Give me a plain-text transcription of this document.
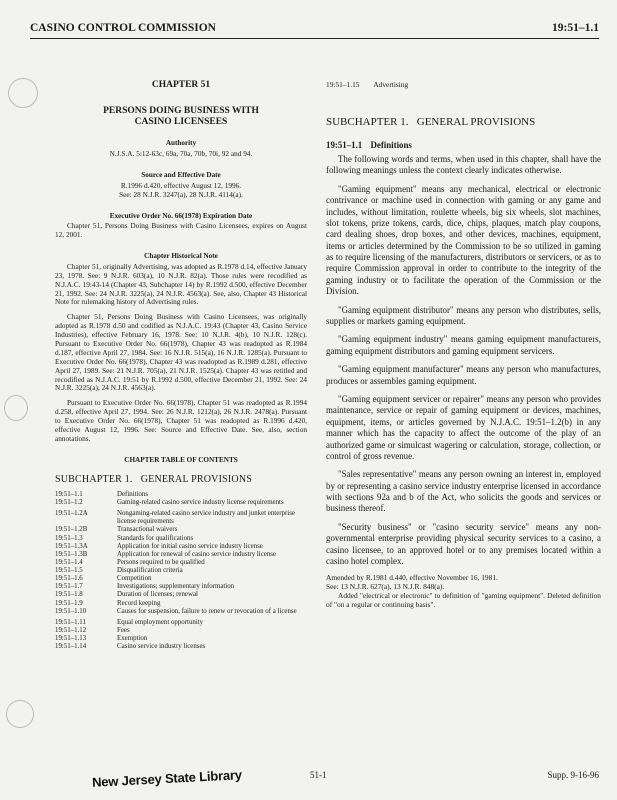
CASINO CONTROL COMMISSION	19:51–1.1
CHAPTER 51
PERSONS DOING BUSINESS WITH
CASINO LICENSEES
Authority
N.J.S.A. 5:12-63c, 69a, 70a, 70b, 70i, 92 and 94.
Source and Effective Date
R.1996 d.420, effective August 12, 1996.
See: 28 N.J.R. 3247(a), 28 N.J.R. 4114(a).
Executive Order No. 66(1978) Expiration Date

Chapter 51, Persons Doing Business with Casino Licensees, expires on August 12, 2001.

Chapter Historical Note

Chapter 51, originally Advertising, was adopted as R.1978 d.14, effective January 23, 1978. See: 9 N.J.R. 603(a), 10 N.J.R. 82(a). Those rules were recodified as N.J.A.C. 19:43-14 (Chapter 43, Subchapter 14) by R.1992 d.500, effective December 21, 1992. See: 24 N.J.R. 3225(a), 24 N.J.R. 4563(a). See, also, Chapter 43 Historical Note for rulemaking history of Advertising rules.

Chapter 51, Persons Doing Business with Casino Licensees, was originally adopted as R.1978 d.50 and codified as N.J.A.C. 19:43 (Chapter 43, Casino Service Industries), effective February 16, 1978. See: 10 N.J.R. 4(b), 10 N.J.R. 128(c). Pursuant to Executive Order No. 66(1978), Chapter 43 was readopted as R.1984 d.187, effective April 27, 1984. See: 16 N.J.R. 515(a), 16 N.J.R. 1285(a). Pursuant to Executive Order No. 66(1978), Chapter 43 was readopted as R.1989 d.281, effective April 27, 1989. See: 21 N.J.R. 705(a), 21 N.J.R. 1525(a). Chapter 43 was retitled and recodified as N.J.A.C. 19:51 by R.1992 d.500, effective December 21, 1992. See: 24 N.J.R. 3225(a), 24 N.J.R. 4563(a).

Pursuant to Executive Order No. 66(1978), Chapter 51 was readopted as R.1994 d.258, effective April 27, 1994. See: 26 N.J.R. 1212(a), 26 N.J.R. 2478(a). Pursuant to Executive Order No. 66(1978), Chapter 51 was readopted as R.1996 d.420, effective August 12, 1996. See: Source and Effective Date. See, also, section annotations.

CHAPTER TABLE OF CONTENTS
SUBCHAPTER 1.   GENERAL PROVISIONS
19:51–1.1	Definitions
19:51–1.2	Gaming-related casino service industry license requirements
19:51–1.2A	Nongaming-related casino service industry and junket enterprise license requirements
19:51–1.2B	Transactional waivers
19:51–1.3	Standards for qualifications
19:51–1.3A	Application for initial casino service industry license
19:51–1.3B	Application for renewal of casino service industry license
19:51–1.4	Persons required to be qualified
19:51–1.5	Disqualification criteria
19:51–1.6	Competition
19:51–1.7	Investigations; supplementary information
19:51–1.8	Duration of licenses; renewal
19:51–1.9	Record keeping
19:51–1.10	Causes for suspension, failure to renew or revocation of a license
19:51–1.11	Equal employment opportunity
19:51–1.12	Fees
19:51–1.13	Exemption
19:51–1.14	Casino service industry licenses
19:51–1.15 Advertising
SUBCHAPTER 1.   GENERAL PROVISIONS
19:51–1.1 Definitions

The following words and terms, when used in this chapter, shall have the following meanings unless the context clearly indicates otherwise.

"Gaming equipment" means any mechanical, electrical or electronic contrivance or machine used in connection with gaming or any game and includes, without limitation, roulette wheels, big six wheels, slot machines, slot tokens, prize tokens, cards, dice, chips, plaques, match play coupons, card dealing shoes, drop boxes, and other devices, machines, equipment, items or articles determined by the Commission to be so utilized in gaming as to require licensing of the manufacturers, distributors or servicers, or as to require Commission approval in order to contribute to the integrity of the gaming industry or to facilitate the operation of the Commission or the Division.

"Gaming equipment distributor" means any person who distributes, sells, supplies or markets gaming equipment.

"Gaming equipment industry" means gaming equipment manufacturers, gaming equipment distributors and gaming equipment servicers.

"Gaming equipment manufacturer" means any person who manufactures, produces or assembles gaming equipment.

"Gaming equipment servicer or repairer" means any person who provides maintenance, service or repair of gaming equipment or devices, machines, equipment, items, or articles governed by N.J.A.C. 19:51–1.2(b) in any manner which has the capacity to affect the outcome of the play of an authorized game or simulcast wagering or calculation, storage, collection, or control of gross revenue.

"Sales representative" means any person owning an interest in, employed by or representing a casino service industry enterprise licensed in accordance with sections 92a and b of the Act, who solicits the goods and services or business thereof.

"Security business" or "casino security service" means any non-governmental enterprise providing physical security services to a casino, a casino licensee, to an approved hotel or to any premises located within a casino hotel complex.

Amended by R.1981 d.440, effective November 16, 1981.
See: 13 N.J.R. 627(a), 13 N.J.R. 848(a).
Added "electrical or electronic" to definition of "gaming equipment". Deleted definition of "on a regular or continuing basis".
51-1	Supp. 9-16-96
New Jersey State Library
